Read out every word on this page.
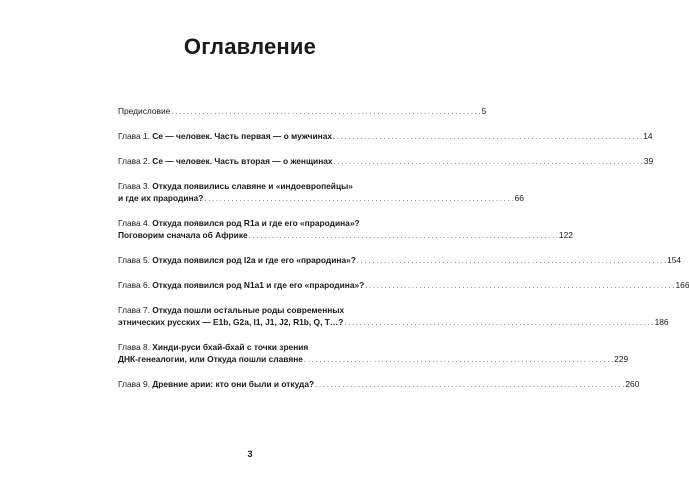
Оглавление
Предисловие . . .	5
Глава 1. Се — человек. Часть первая — о мужчинах . . .	14
Глава 2. Се — человек. Часть вторая — о женщинах . . .	39
Глава 3. Откуда появились славяне и «индоевропейцы»
и где их прародина? . . .	66
Глава 4. Откуда появился род R1a и где его «прародина»?
Поговорим сначала об Африке . . .	122
Глава 5. Откуда появился род I2a и где его «прародина»? . . .	154
Глава 6. Откуда появился род N1a1 и где его «прародина»? . . .	166
Глава 7. Откуда пошли остальные роды современных
этнических русских — E1b, G2a, I1, J1, J2, R1b, Q, T…? . . .	186
Глава 8. Хинди-руси бхай-бхай с точки зрения
ДНК-генеалогии, или Откуда пошли славяне . . .	229
Глава 9. Древние арии: кто они были и откуда? . . .	260
3
